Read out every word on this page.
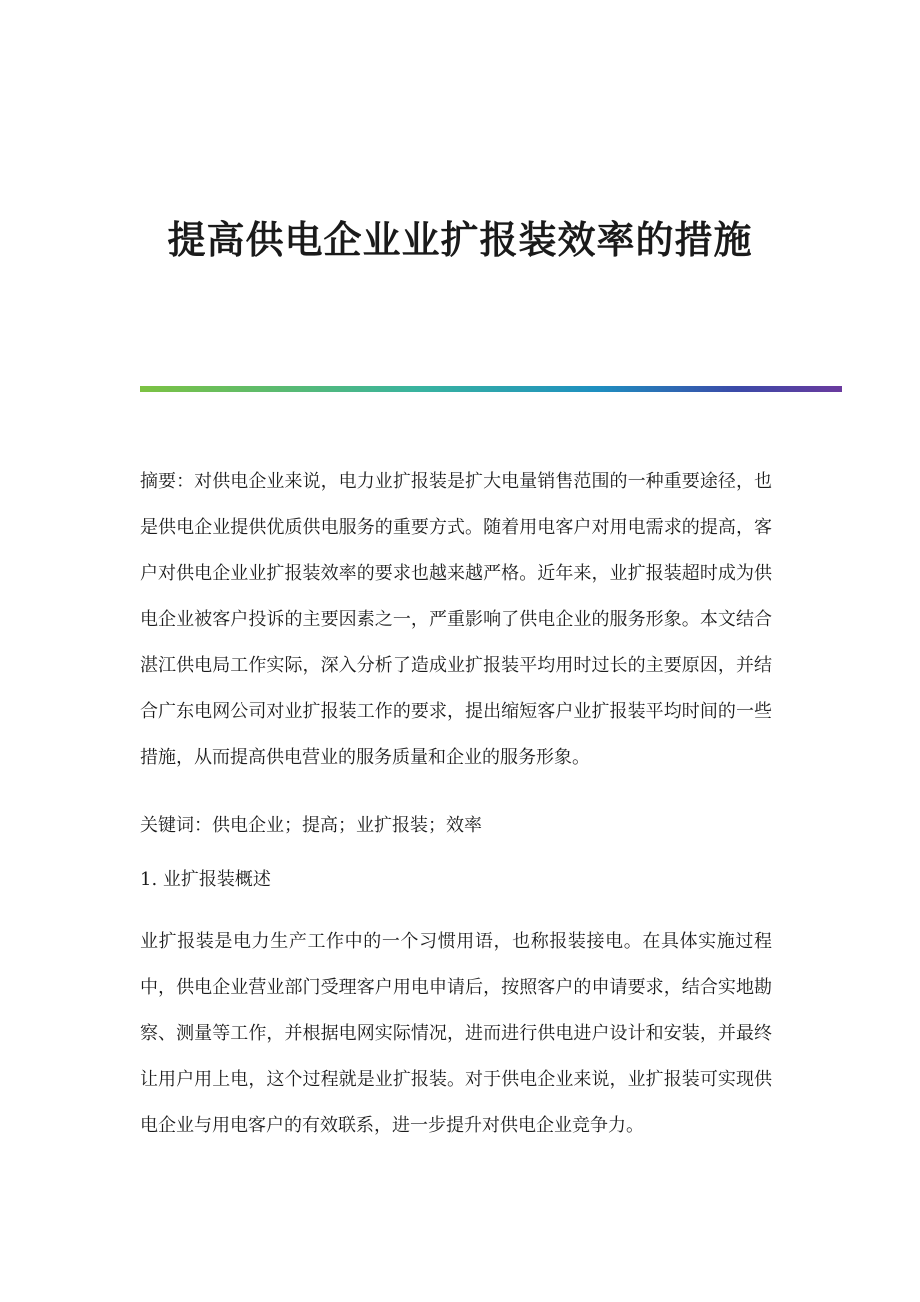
提高供电企业业扩报装效率的措施

摘要：对供电企业来说，电力业扩报装是扩大电量销售范围的一种重要途径，也是供电企业提供优质供电服务的重要方式。随着用电客户对用电需求的提高，客户对供电企业业扩报装效率的要求也越来越严格。近年来，业扩报装超时成为供电企业被客户投诉的主要因素之一，严重影响了供电企业的服务形象。本文结合湛江供电局工作实际，深入分析了造成业扩报装平均用时过长的主要原因，并结合广东电网公司对业扩报装工作的要求，提出缩短客户业扩报装平均时间的一些措施，从而提高供电营业的服务质量和企业的服务形象。

关键词：供电企业；提高；业扩报装；效率

1. 业扩报装概述

业扩报装是电力生产工作中的一个习惯用语，也称报装接电。在具体实施过程中，供电企业营业部门受理客户用电申请后，按照客户的申请要求，结合实地勘察、测量等工作，并根据电网实际情况，进而进行供电进户设计和安装，并最终让用户用上电，这个过程就是业扩报装。对于供电企业来说，业扩报装可实现供电企业与用电客户的有效联系，进一步提升对供电企业竞争力。
